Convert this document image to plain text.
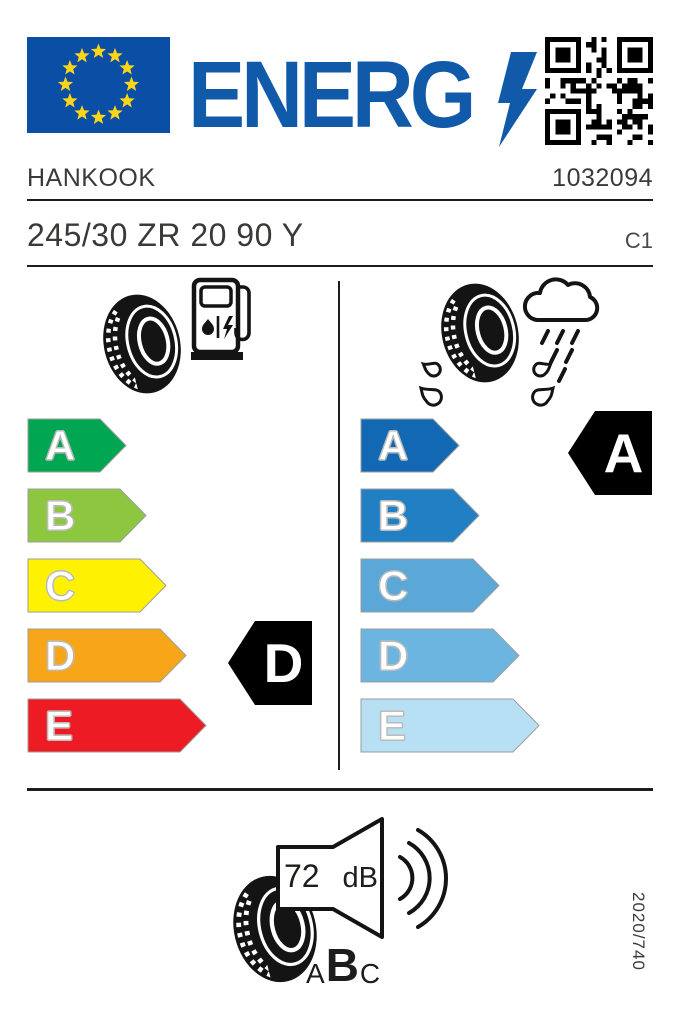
ENERG
HANKOOK	1032094
245/30 ZR 20 90 Y	C1
A
B
C
D
E
A
B
C
D
E
D
A
72 dB
A B C
2020/740
